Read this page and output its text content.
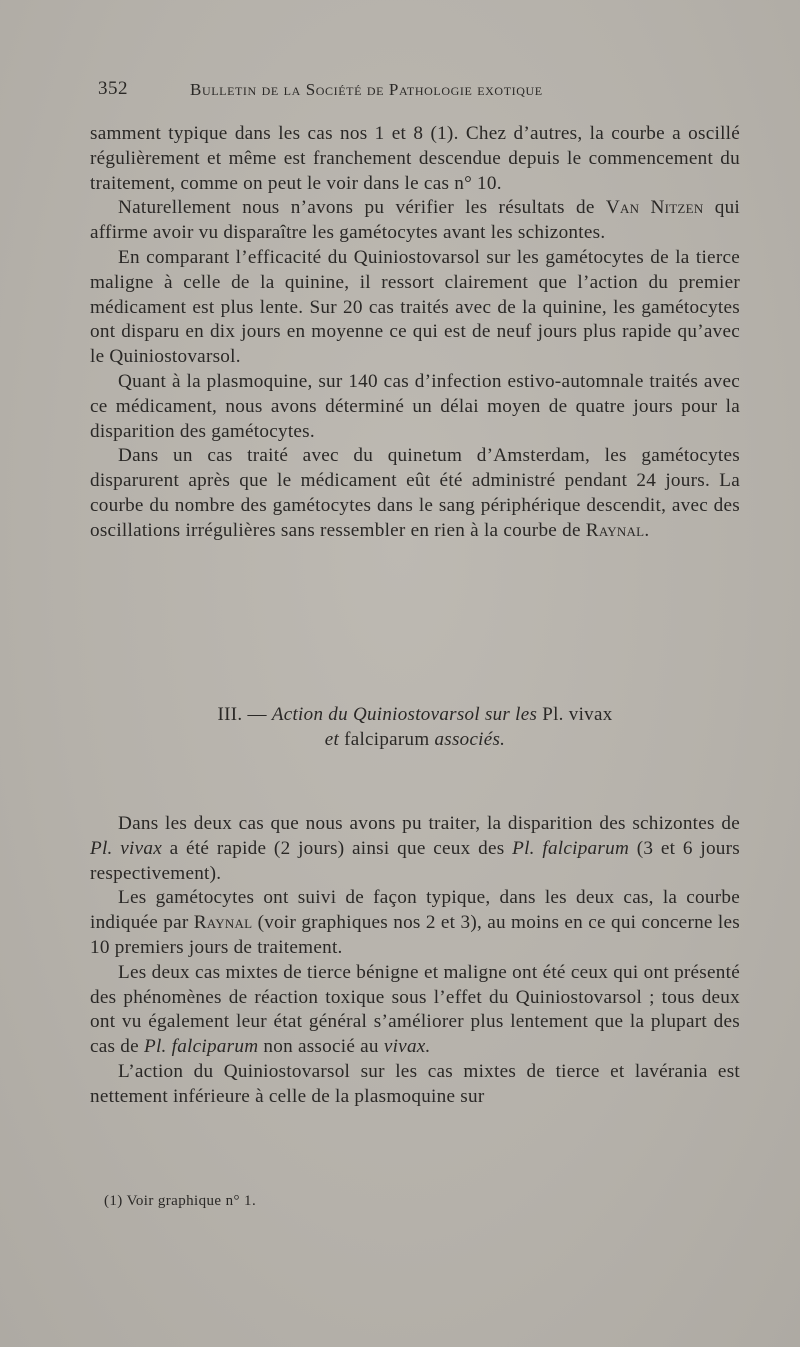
352	Bulletin de la Société de Pathologie exotique

samment typique dans les cas nos 1 et 8 (1). Chez d’autres, la courbe a oscillé régulièrement et même est franchement descendue depuis le commencement du traitement, comme on peut le voir dans le cas n° 10.

Naturellement nous n’avons pu vérifier les résultats de Van Nitzen qui affirme avoir vu disparaître les gamétocytes avant les schizontes.

En comparant l’efficacité du Quiniostovarsol sur les gamétocytes de la tierce maligne à celle de la quinine, il ressort clairement que l’action du premier médicament est plus lente. Sur 20 cas traités avec de la quinine, les gamétocytes ont disparu en dix jours en moyenne ce qui est de neuf jours plus rapide qu’avec le Quiniostovarsol.

Quant à la plasmoquine, sur 140 cas d’infection estivo-automnale traités avec ce médicament, nous avons déterminé un délai moyen de quatre jours pour la disparition des gamétocytes.

Dans un cas traité avec du quinetum d’Amsterdam, les gamétocytes disparurent après que le médicament eût été administré pendant 24 jours. La courbe du nombre des gamétocytes dans le sang périphérique descendit, avec des oscillations irrégulières sans ressembler en rien à la courbe de Raynal.

III. — Action du Quiniostovarsol sur les Pl. vivax
et falciparum associés.

Dans les deux cas que nous avons pu traiter, la disparition des schizontes de Pl. vivax a été rapide (2 jours) ainsi que ceux des Pl. falciparum (3 et 6 jours respectivement).

Les gamétocytes ont suivi de façon typique, dans les deux cas, la courbe indiquée par Raynal (voir graphiques nos 2 et 3), au moins en ce qui concerne les 10 premiers jours de traitement.

Les deux cas mixtes de tierce bénigne et maligne ont été ceux qui ont présenté des phénomènes de réaction toxique sous l’effet du Quiniostovarsol ; tous deux ont vu également leur état général s’améliorer plus lentement que la plupart des cas de Pl. falciparum non associé au vivax.

L’action du Quiniostovarsol sur les cas mixtes de tierce et lavérania est nettement inférieure à celle de la plasmoquine sur

(1) Voir graphique n° 1.
